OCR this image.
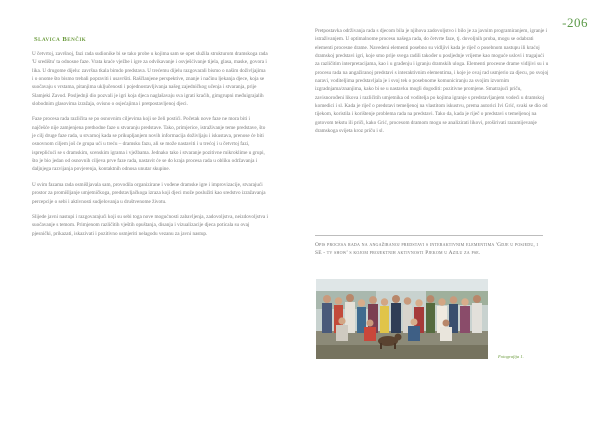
-206
Slavica Benčik

U četvrtoj, završnoj, fazi rada sudionike bi se tako probe u kojima sam se opet služila strukturom dramskoga rada 'U središtu' ta odnosne faze. Vrata kraće vježbe i igre za odvikavanje i osvješćivanje tijela, glasa, maske, govora i lika. U drugome dijelu: završna tkala bimdo predstava. U trećemu dijelu razgovarali bismo o našim doživljajima i o onome što bismo trebali popraviti i usavršiti. Raščlanjene perspektive, znanje i načinu ljekanja djece, koja se suočavaju s vrstama, pitanjima uključenosti i pojednostavljivanja našeg zajedničkog učenja i stvaranja, prije Slamjeki Zavod. Posljednji dio pozvali je igri koja djeca naglašavaju sva igrati kraćih, gimgrupni međuigrajalih slobodnim glasovima izražaja, ovisno o osjećajima i pretpostavljenoj djeci.

Faze procesa rada različita se po osnovnim ciljevima koji se želi postići. Početak nove faze ne mora biti i najčešće nije zamjenjena prethodne faze u stvaranju predstave. Tako, primjerice, istraživanje teme predstave, što je cilj druge faze rada, u stvarnoj kada se prikupljanjem novih informacija doživljaju i iskustava, prenose će biti osnovnom ciljem još će grupa ući u treću – dramsku fazu, ali se može nastaviti i u trećoj i u četvrtoj fazi, ispreplićući se s dramskim, scenskim igrama i vježbama. Jednako tako i stvaranje pozitivne mikroklime u grupi, što je bio jedan od osnovnih ciljeva prve faze rada, nastavit će se do kraja procesa rada u obliku održavanja i daljnjega razvijanja povjerenja, kontaktnih odnosa unutar skupine.

U svim fazama rada osmišljavala sam, provodila organizirane i vođene dramske igre i improvizacije, stvarajući prostor za promišljanje umjetničkoga, predstavljačkoga izraza koji djeci može poslužiti kao sredstvo izražavanja percepcije o sebi i aktivnosti sudjelovanja u društvenome životu.

Slijede javni nastupi i razgovarajući koji su sebi toga nove mogućnosti zabavljenja, zadovoljstva, neizdovoljstva i suočavanje s temom. Primjenom različitih vještih opuštanja, disanja i vizualizacije djeca poticala su ovaj pjesnički, prikazati, iskazivati i pozitivno usmjeriti nelagodu vezanu za javni nastup.

Pretpostavka održivanja rada s djecom bila je njihova zadovoljstvo i bilo je za javnim programiranjem, igranje i istraživanjem. U optimalnome procesu našega rada, do četvrte faze, tj. dovoljnih proba, mogu se odabrati elementi procesne drame. Navedeni elementi posebno su vidljivi kada je riječ o posebnom nastupu ili kraćoj dramskoj predstavi igri, koje smo prije svega radili također u posljednje vrijeme kao moguće uslovi i tragajući za različitim interpretacijama, kao i u građenju i igranju dramskih uloga. Elementi procesne drame vidljivi su i u procesu rada na angažiranoj predstavi s interaktivnim elementima, i koje je ovaj rad usmjerio za djecu, po svojoj naravi, voditeljima predstavljala je i svoj tek o posebnome komuniciranju za svojim izvornim izgradnjama/znanjima, kako bi se u nastavku mogli dogoditi: pozitivne promjene. Smatrajući priču, zavisnorođeni likova i različitih umjetnika od voditelja po kojima igranje s predstavljanjem vodeći u dramskoj komedici i sl. Kada je riječ o predstavi temeljenoj na vlastitom iskustvu, prema autorici Ivi Grić, svaki se dio od tijekom, koristila i korištenje problema rada na predstavi. Tako da, kada je riječ o predstavi s temeljenoj na gotovom tekstu ili priči, kako Grić, procesom dramom mogu se analizirati likovi, proširivati razumijevanje dramskoga svijeta kroz priču i sl.

Opis procesa rada na angažiranoj predstavi s interaktivnim elementima 'Gdje u posjedu, i SE - tv show' s kojom projektnih aktivnosti Pjekom u Azilu za psе.
Fotografija 1.
